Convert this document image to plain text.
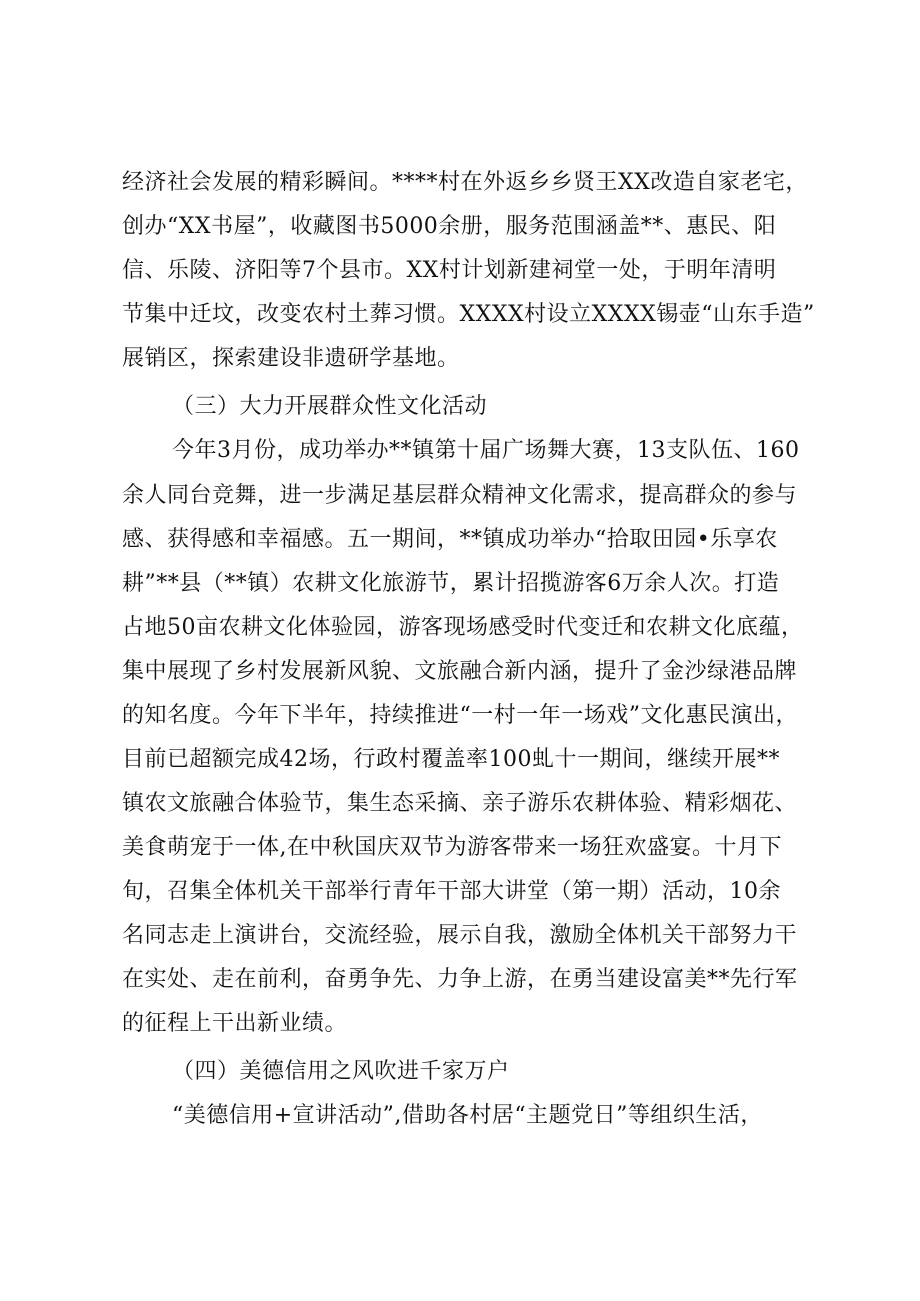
经济社会发展的精彩瞬间。****村在外返乡乡贤王XX改造自家老宅，
创办“XX书屋”，收藏图书5000余册，服务范围涵盖**、惠民、阳
信、乐陵、济阳等7个县市。XX村计划新建祠堂一处，于明年清明
节集中迁坟，改变农村土葬习惯。XXXX村设立XXXX锡壶“山东手造”
展销区，探索建设非遗研学基地。
（三）大力开展群众性文化活动
今年3月份，成功举办**镇第十届广场舞大赛，13支队伍、160
余人同台竞舞，进一步满足基层群众精神文化需求，提高群众的参与
感、获得感和幸福感。五一期间，**镇成功举办“拾取田园•乐享农
耕”**县（**镇）农耕文化旅游节，累计招揽游客6万余人次。打造
占地50亩农耕文化体验园，游客现场感受时代变迁和农耕文化底蕴，
集中展现了乡村发展新风貌、文旅融合新内涵，提升了金沙绿港品牌
的知名度。今年下半年，持续推进“一村一年一场戏”文化惠民演出，
目前已超额完成42场，行政村覆盖率100虬十一期间，继续开展**
镇农文旅融合体验节，集生态采摘、亲子游乐农耕体验、精彩烟花、
美食萌宠于一体,在中秋国庆双节为游客带来一场狂欢盛宴。十月下
旬，召集全体机关干部举行青年干部大讲堂（第一期）活动，10余
名同志走上演讲台，交流经验，展示自我，激励全体机关干部努力干
在实处、走在前利，奋勇争先、力争上游，在勇当建设富美**先行军
的征程上干出新业绩。
（四）美德信用之风吹进千家万户
“美德信用+宣讲活动”,借助各村居“主题党日”等组织生活，
